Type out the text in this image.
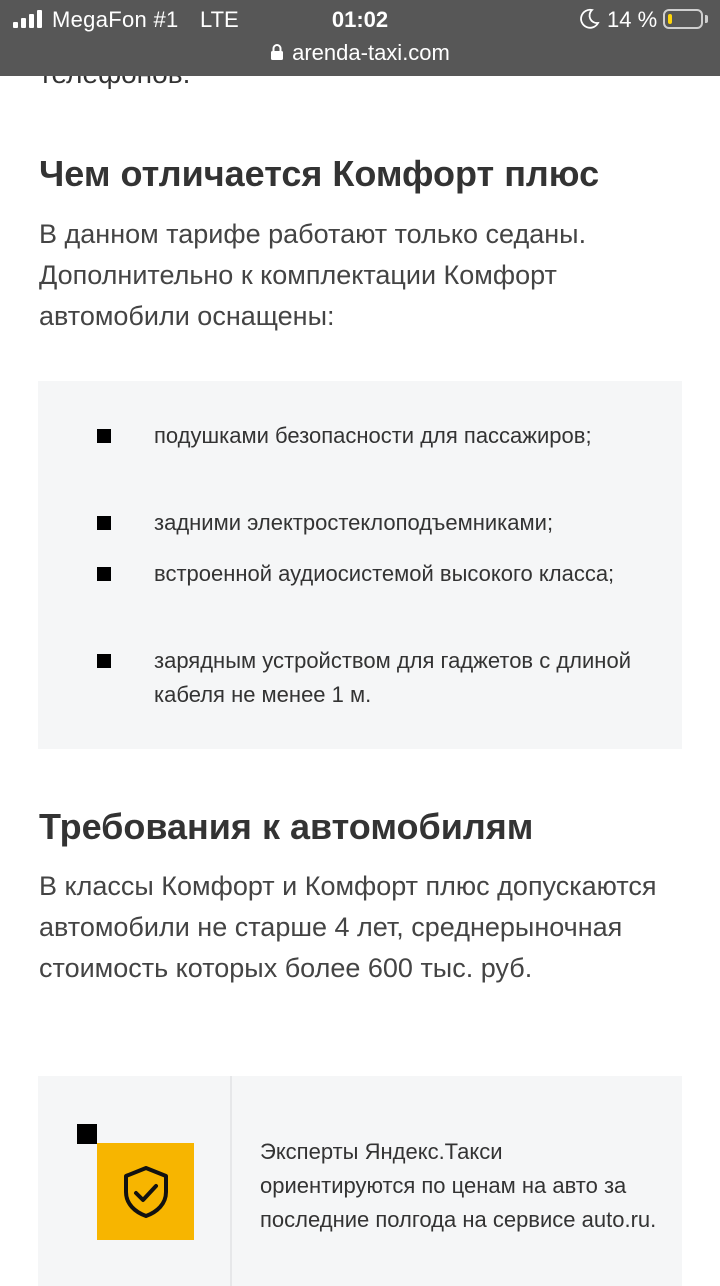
Чем отличается Комфорт плюс

В данном тарифе работают только седаны. Дополнительно к комплектации Комфорт автомобили оснащены:

подушками безопасности для пассажиров;
задними электростеклоподъемниками;
встроенной аудиосистемой высокого класса;
зарядным устройством для гаджетов с длиной кабеля не менее 1 м.
Требования к автомобилям

В классы Комфорт и Комфорт плюс допускаются автомобили не старше 4 лет, среднерыночная стоимость которых более 600 тыс. руб.

Эксперты Яндекс.Такси ориентируются по ценам на авто за последние полгода на сервисе auto.ru.

MegaFon #1 LTE	01:02	14 %
arenda-taxi.com
